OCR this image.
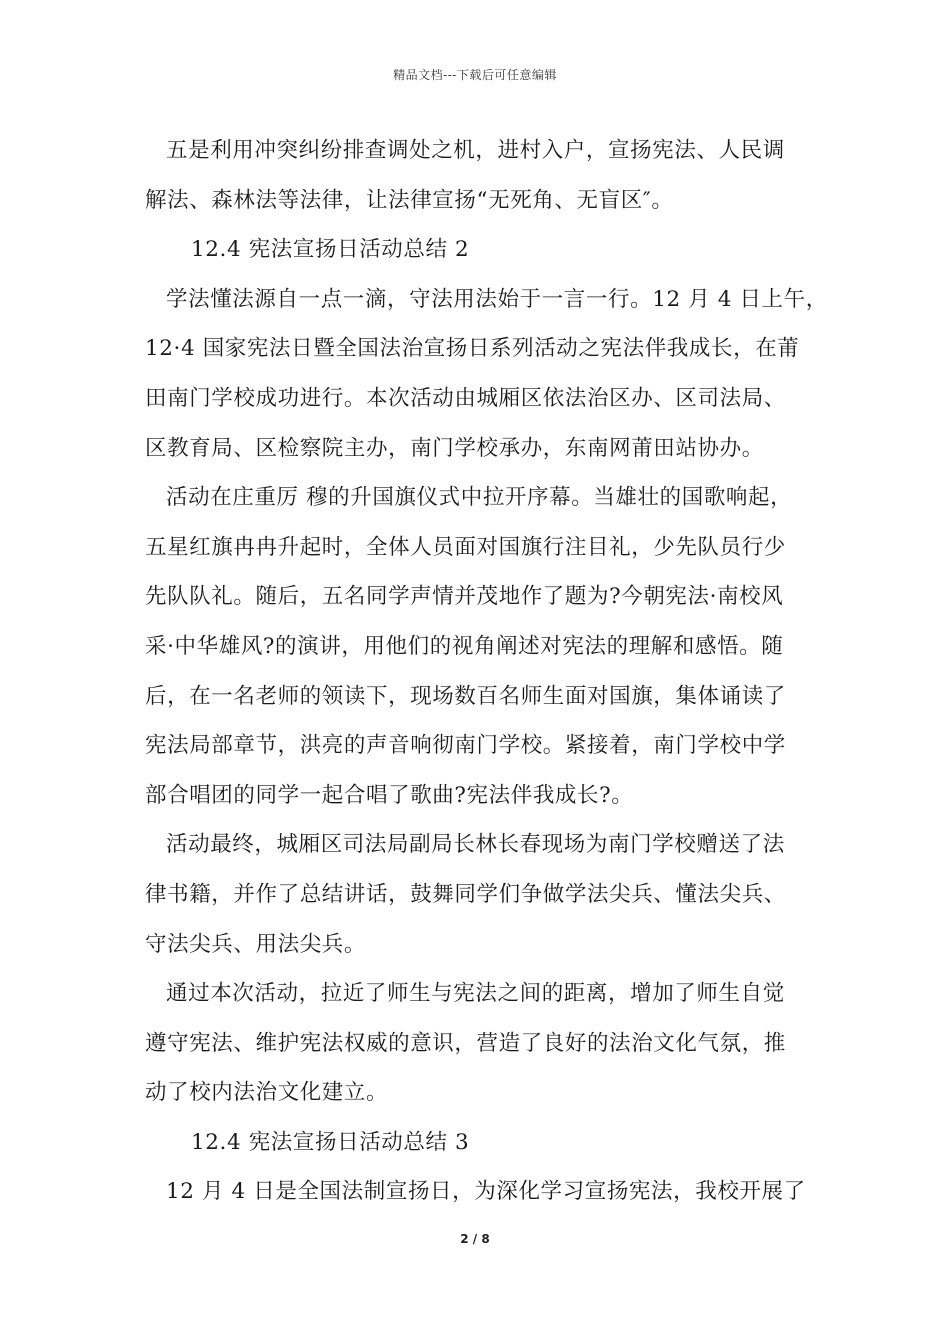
精品文档---下载后可任意编辑
五是利用冲突纠纷排查调处之机，进村入户，宣扬宪法、人民调
解法、森林法等法律，让法律宣扬“无死角、无盲区″。
12.4 宪法宣扬日活动总结 2
学法懂法源自一点一滴，守法用法始于一言一行。12 月 4 日上午，
12·4 国家宪法日暨全国法治宣扬日系列活动之宪法伴我成长，在莆
田南门学校成功进行。本次活动由城厢区依法治区办、区司法局、
区教育局、区检察院主办，南门学校承办，东南网莆田站协办。
活动在庄重厉 穆的升国旗仪式中拉开序幕。当雄壮的国歌响起，
五星红旗冉冉升起时，全体人员面对国旗行注目礼，少先队员行少
先队队礼。随后，五名同学声情并茂地作了题为?今朝宪法·南校风
采·中华雄风?的演讲，用他们的视角阐述对宪法的理解和感悟。随
后，在一名老师的领读下，现场数百名师生面对国旗，集体诵读了
宪法局部章节，洪亮的声音响彻南门学校。紧接着，南门学校中学
部合唱团的同学一起合唱了歌曲?宪法伴我成长?。
活动最终，城厢区司法局副局长林长春现场为南门学校赠送了法
律书籍，并作了总结讲话，鼓舞同学们争做学法尖兵、懂法尖兵、
守法尖兵、用法尖兵。
通过本次活动，拉近了师生与宪法之间的距离，增加了师生自觉
遵守宪法、维护宪法权威的意识，营造了良好的法治文化气氛，推
动了校内法治文化建立。
12.4 宪法宣扬日活动总结 3
12 月 4 日是全国法制宣扬日，为深化学习宣扬宪法，我校开展了
2 / 8
